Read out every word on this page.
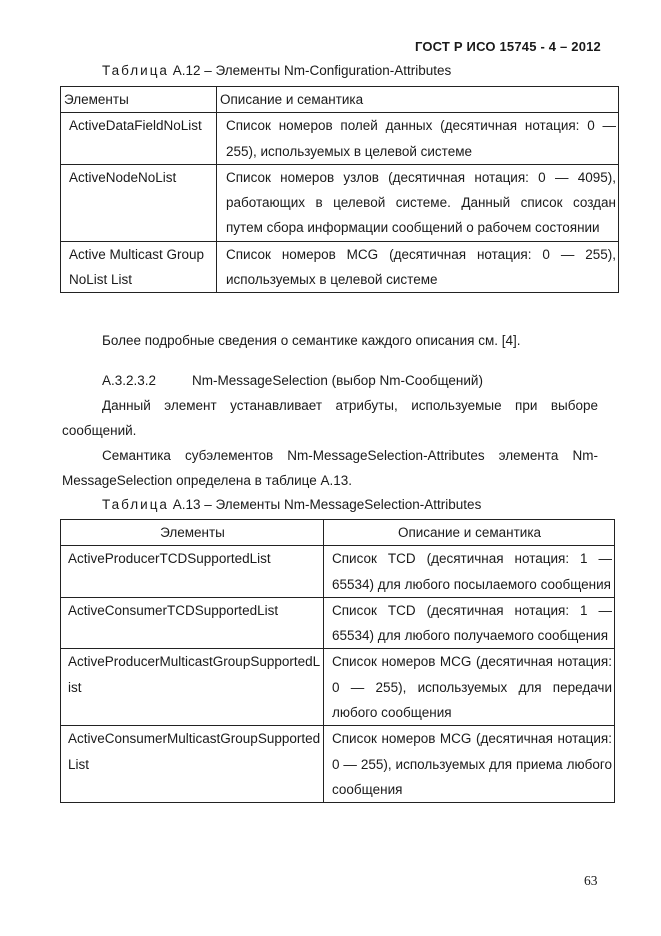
ГОСТ Р ИСО 15745 - 4 – 2012
Таблица А.12 – Элементы Nm-Configuration-Attributes
Элементы	Описание и семантика
ActiveDataFieldNoList	Список номеров полей данных (десятичная нотация: 0 — 255), используемых в целевой системе
ActiveNodeNoList	Список номеров узлов (десятичная нотация: 0 — 4095), работающих в целевой системе. Данный список создан путем сбора информации сообщений о рабочем состоянии
Active Multicast Group NoList List	Список номеров MCG (десятичная нотация: 0 — 255), используемых в целевой системе

Более подробные сведения о семантике каждого описания см. [4].

А.3.2.3.2	Nm-MessageSelection (выбор Nm-Сообщений)

Данный элемент устанавливает атрибуты, используемые при выборе сообщений.

Семантика субэлементов Nm-MessageSelection-Attributes элемента Nm-MessageSelection определена в таблице А.13.

Таблица А.13 – Элементы Nm-MessageSelection-Attributes
Элементы	Описание и семантика
ActiveProducerTCDSupportedList	Список TCD (десятичная нотация: 1 — 65534) для любого посылаемого сообщения
ActiveConsumerTCDSupportedList	Список TCD (десятичная нотация: 1 — 65534) для любого получаемого сообщения
ActiveProducerMulticastGroupSupportedList	Список номеров MCG (десятичная нотация: 0 — 255), используемых для передачи любого сообщения
ActiveConsumerMulticastGroupSupportedList	Список номеров MCG (десятичная нотация: 0 — 255), используемых для приема любого сообщения
63
